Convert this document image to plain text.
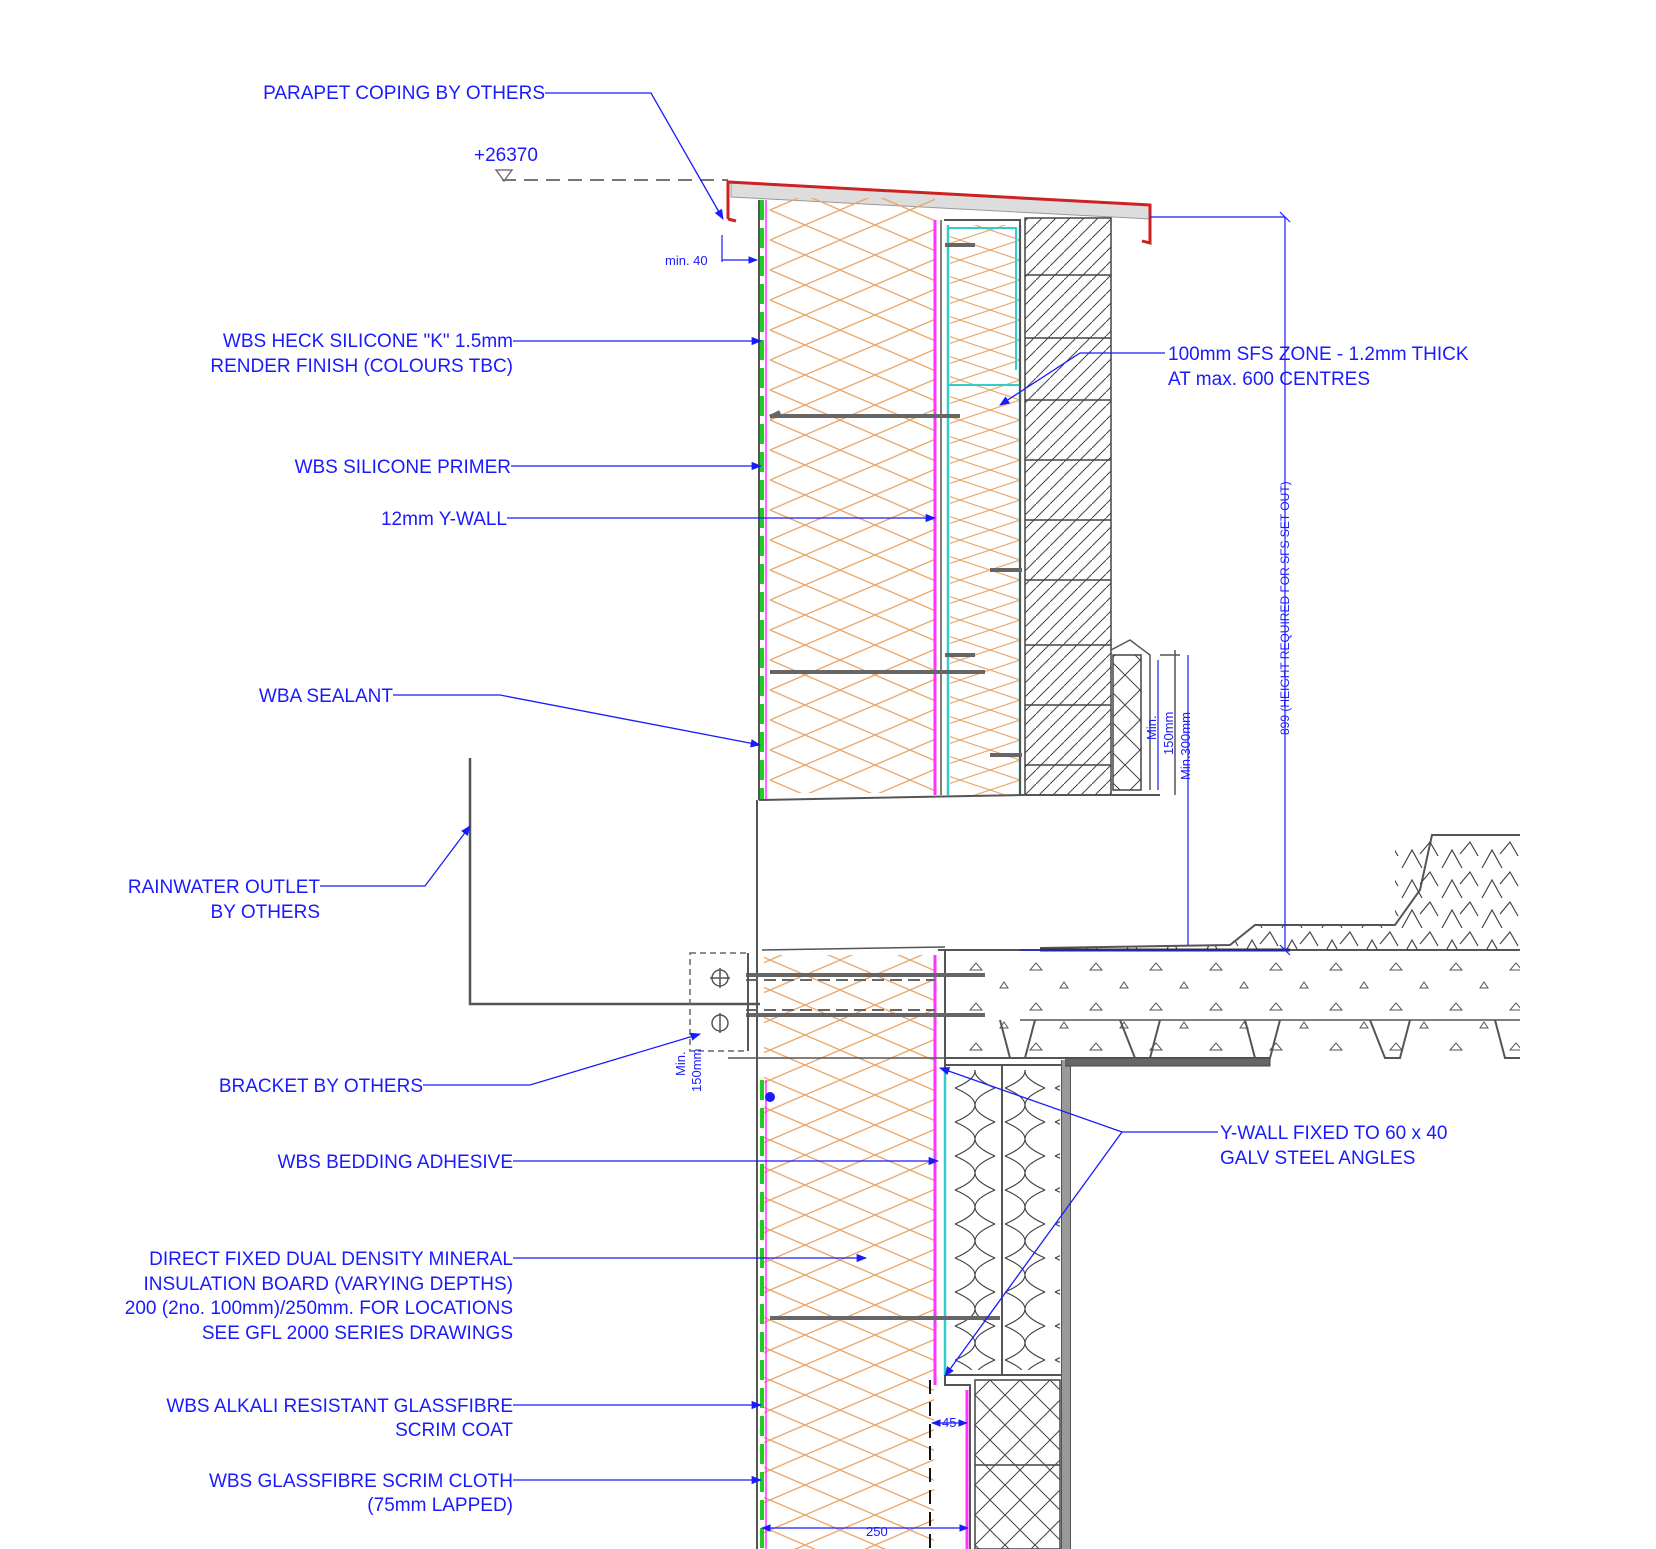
min. 40
899 (HEIGHT REQUIRED FOR SFS SET OUT)
Min. 150mm Min.300mm
Min. 150mm
45
250
+26370
PARAPET COPING BY OTHERS
WBS HECK SILICONE "K" 1.5mm
RENDER FINISH (COLOURS TBC)
WBS SILICONE PRIMER
12mm Y-WALL
WBA SEALANT
RAINWATER OUTLET
BY OTHERS
BRACKET BY OTHERS
WBS BEDDING ADHESIVE
DIRECT FIXED DUAL DENSITY MINERAL
INSULATION BOARD (VARYING DEPTHS)
200 (2no. 100mm)/250mm. FOR LOCATIONS
SEE GFL 2000 SERIES DRAWINGS
WBS ALKALI RESISTANT GLASSFIBRE
SCRIM COAT
WBS GLASSFIBRE SCRIM CLOTH
(75mm LAPPED)
100mm SFS ZONE - 1.2mm THICK
AT max. 600 CENTRES
Y-WALL FIXED TO 60 x 40
GALV STEEL ANGLES
